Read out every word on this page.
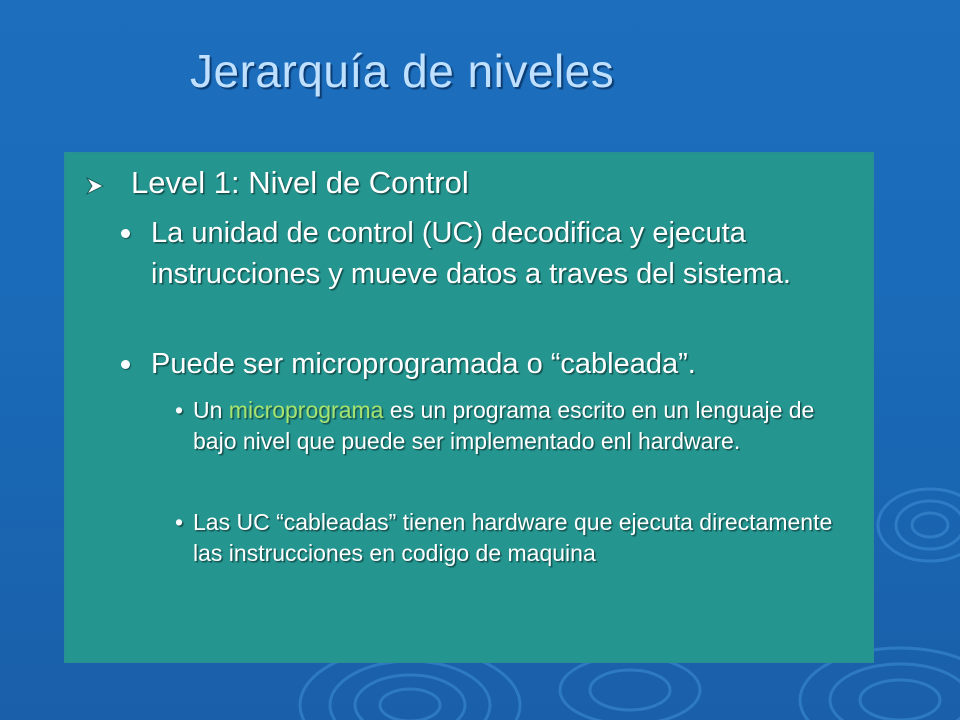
Jerarquía de niveles
Level 1: Nivel de Control
La unidad de control (UC) decodifica y ejecuta instrucciones y mueve datos a traves del sistema.
Puede ser microprogramada o “cableada”.
• Un microprograma es un programa escrito en un lenguaje de bajo nivel que puede ser implementado enl hardware.
• Las UC “cableadas” tienen hardware que ejecuta directamente las instrucciones en codigo de maquina
